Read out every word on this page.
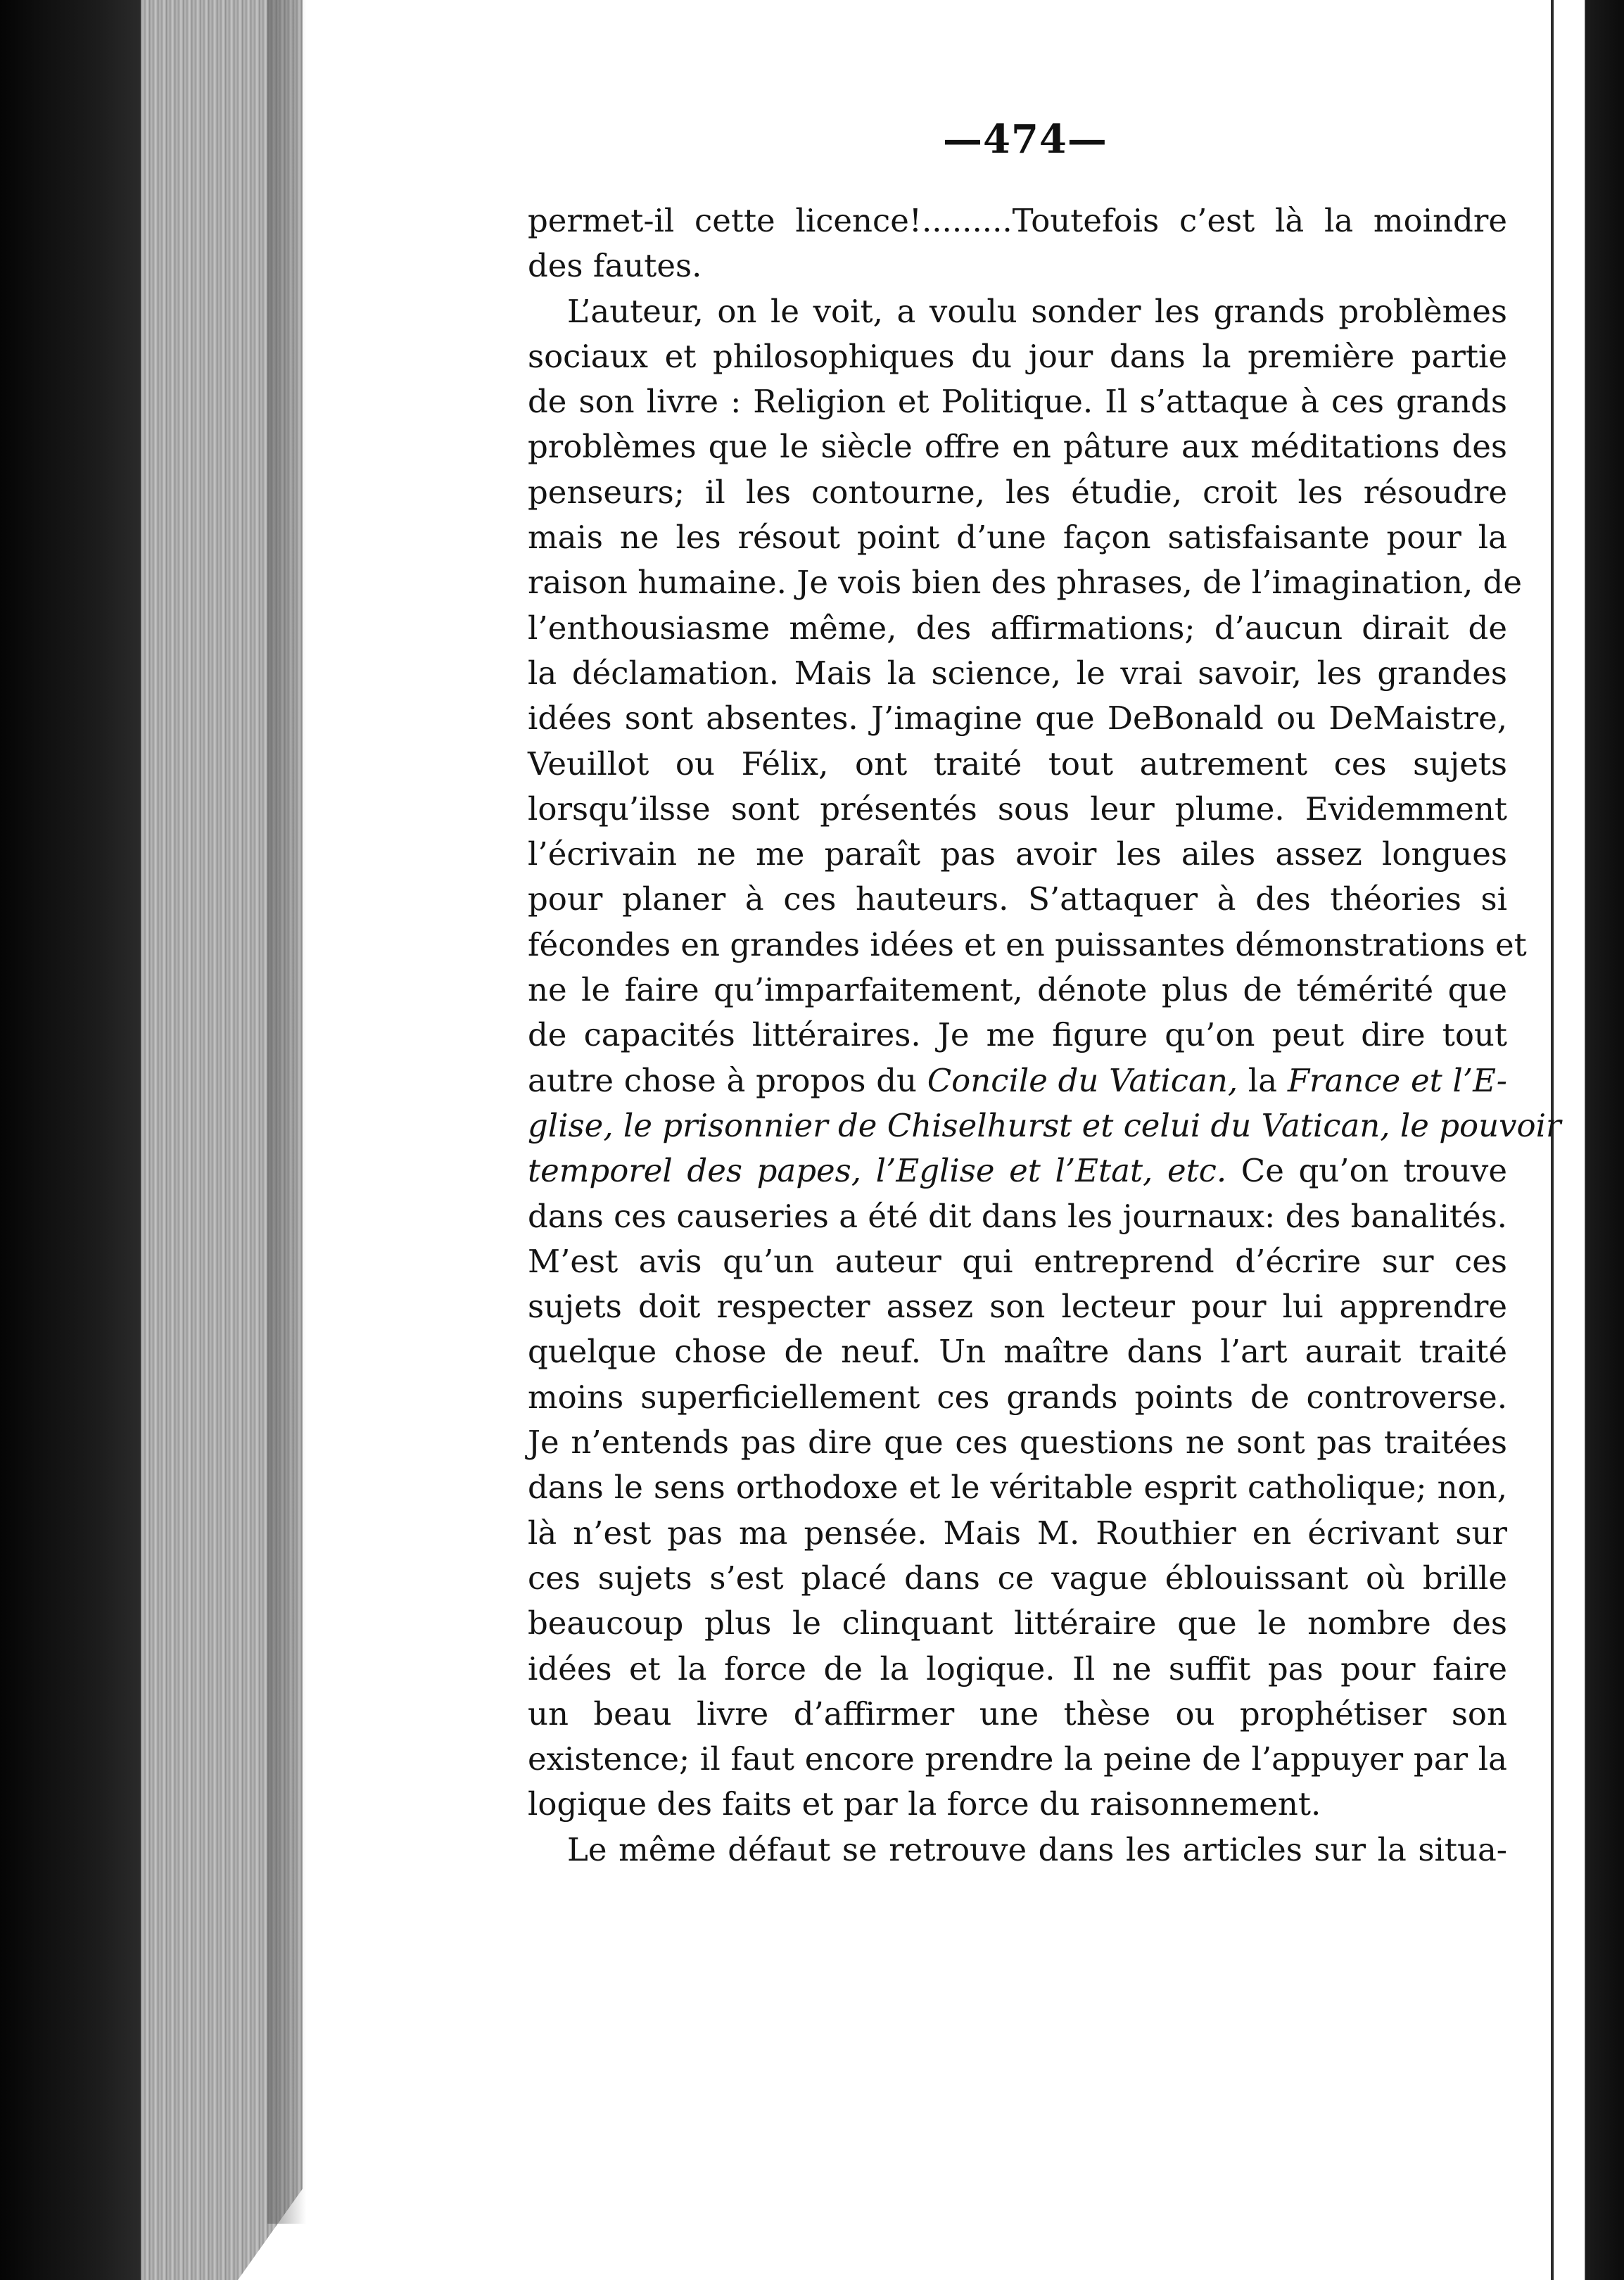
—474—
permet-il cette licence!.........Toutefois c’est là la moindre
des fautes.
L’auteur, on le voit, a voulu sonder les grands problèmes
sociaux et philosophiques du jour dans la première partie
de son livre : Religion et Politique. Il s’attaque à ces grands
problèmes que le siècle offre en pâture aux méditations des
penseurs; il les contourne, les étudie, croit les résoudre
mais ne les résout point d’une façon satisfaisante pour la
raison humaine. Je vois bien des phrases, de l’imagination, de
l’enthousiasme même, des affirmations; d’aucun dirait de
la déclamation. Mais la science, le vrai savoir, les grandes
idées sont absentes. J’imagine que DeBonald ou DeMaistre,
Veuillot ou Félix, ont traité tout autrement ces sujets
lorsqu’ilsse sont présentés sous leur plume. Evidemment
l’écrivain ne me paraît pas avoir les ailes assez longues
pour planer à ces hauteurs. S’attaquer à des théories si
fécondes en grandes idées et en puissantes démonstrations et
ne le faire qu’imparfaitement, dénote plus de témérité que
de capacités littéraires. Je me figure qu’on peut dire tout
autre chose à propos du Concile du Vatican, la France et l’E-
glise, le prisonnier de Chiselhurst et celui du Vatican, le pouvoir
temporel des papes, l’Eglise et l’Etat, etc. Ce qu’on trouve
dans ces causeries a été dit dans les journaux: des banalités.
M’est avis qu’un auteur qui entreprend d’écrire sur ces
sujets doit respecter assez son lecteur pour lui apprendre
quelque chose de neuf. Un maître dans l’art aurait traité
moins superficiellement ces grands points de controverse.
Je n’entends pas dire que ces questions ne sont pas traitées
dans le sens orthodoxe et le véritable esprit catholique; non,
là n’est pas ma pensée. Mais M. Routhier en écrivant sur
ces sujets s’est placé dans ce vague éblouissant où brille
beaucoup plus le clinquant littéraire que le nombre des
idées et la force de la logique. Il ne suffit pas pour faire
un beau livre d’affirmer une thèse ou prophétiser son
existence; il faut encore prendre la peine de l’appuyer par la
logique des faits et par la force du raisonnement.
Le même défaut se retrouve dans les articles sur la situa-
